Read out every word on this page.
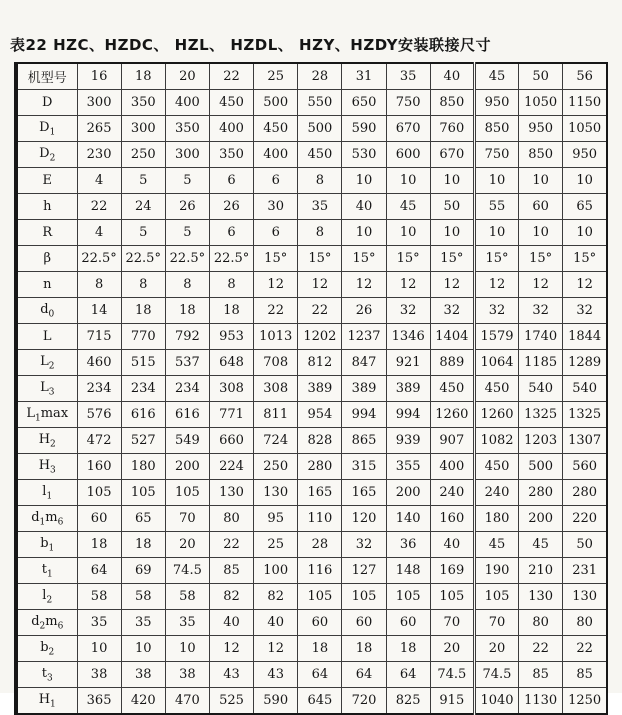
表22 HZC、HZDC、 HZL、 HZDL、 HZY、HZDY安装联接尺寸
机型号	16	18	20	22	25	28	31	35	40	45	50	56
D	300	350	400	450	500	550	650	750	850	950	1050	1150
$D_1$	265	300	350	400	450	500	590	670	760	850	950	1050
$D_2$	230	250	300	350	400	450	530	600	670	750	850	950
E	4	5	5	6	6	8	10	10	10	10	10	10
h	22	24	26	26	30	35	40	45	50	55	60	65
R	4	5	5	6	6	8	10	10	10	10	10	10
β	22.5°	22.5°	22.5°	22.5°	15°	15°	15°	15°	15°	15°	15°	15°
n	8	8	8	8	12	12	12	12	12	12	12	12
$d_0$	14	18	18	18	22	22	26	32	32	32	32	32
L	715	770	792	953	1013	1202	1237	1346	1404	1579	1740	1844
$L_2$	460	515	537	648	708	812	847	921	889	1064	1185	1289
$L_3$	234	234	234	308	308	389	389	389	450	450	540	540
$L_1\max$	576	616	616	771	811	954	994	994	1260	1260	1325	1325
$H_2$	472	527	549	660	724	828	865	939	907	1082	1203	1307
$H_3$	160	180	200	224	250	280	315	355	400	450	500	560
$l_1$	105	105	105	130	130	165	165	200	240	240	280	280
$d_1m_6$	60	65	70	80	95	110	120	140	160	180	200	220
$b_1$	18	18	20	22	25	28	32	36	40	45	45	50
$t_1$	64	69	74.5	85	100	116	127	148	169	190	210	231
$l_2$	58	58	58	82	82	105	105	105	105	105	130	130
$d_2m_6$	35	35	35	40	40	60	60	60	70	70	80	80
$b_2$	10	10	10	12	12	18	18	18	20	20	22	22
$t_3$	38	38	38	43	43	64	64	64	74.5	74.5	85	85
$H_1$	365	420	470	525	590	645	720	825	915	1040	1130	1250
